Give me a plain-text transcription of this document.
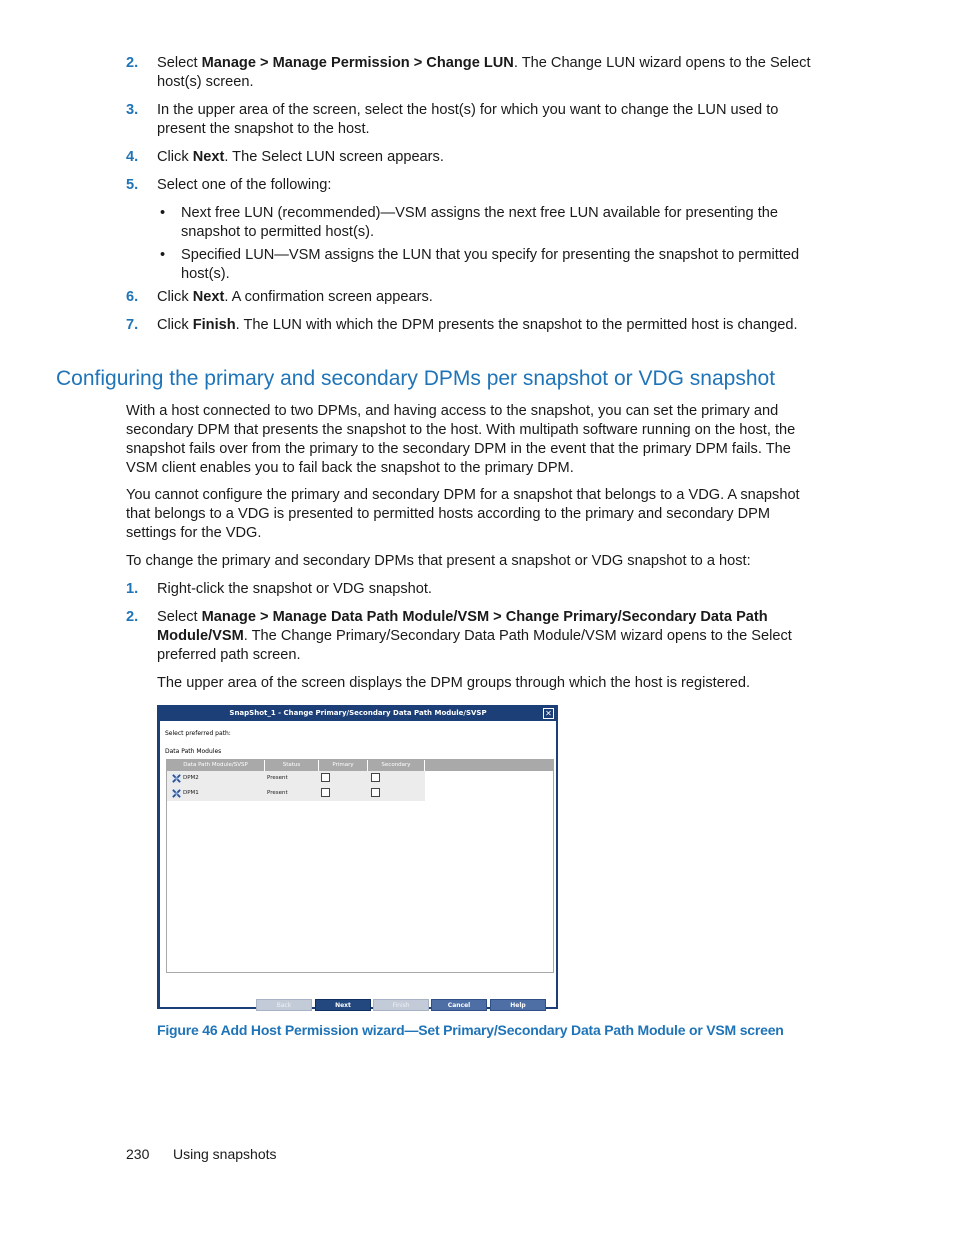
2. Select Manage > Manage Permission > Change LUN. The Change LUN wizard opens to the Select host(s) screen.
3. In the upper area of the screen, select the host(s) for which you want to change the LUN used to present the snapshot to the host.
4. Click Next. The Select LUN screen appears.
5. Select one of the following:
• Next free LUN (recommended)—VSM assigns the next free LUN available for presenting the snapshot to permitted host(s).
• Specified LUN—VSM assigns the LUN that you specify for presenting the snapshot to permitted host(s).
6. Click Next. A confirmation screen appears.
7. Click Finish. The LUN with which the DPM presents the snapshot to the permitted host is changed.
Configuring the primary and secondary DPMs per snapshot or VDG snapshot
With a host connected to two DPMs, and having access to the snapshot, you can set the primary and secondary DPM that presents the snapshot to the host. With multipath software running on the host, the snapshot fails over from the primary to the secondary DPM in the event that the primary DPM fails. The VSM client enables you to fail back the snapshot to the primary DPM.
You cannot configure the primary and secondary DPM for a snapshot that belongs to a VDG. A snapshot that belongs to a VDG is presented to permitted hosts according to the primary and secondary DPM settings for the VDG.
To change the primary and secondary DPMs that present a snapshot or VDG snapshot to a host:
1. Right-click the snapshot or VDG snapshot.
2. Select Manage > Manage Data Path Module/VSM > Change Primary/Secondary Data Path Module/VSM. The Change Primary/Secondary Data Path Module/VSM wizard opens to the Select preferred path screen.
The upper area of the screen displays the DPM groups through which the host is registered.
SnapShot_1 - Change Primary/Secondary Data Path Module/SVSP	✕
Select preferred path:
Data Path Modules
Data Path Module/SVSP	Status	Primary	Secondary
DPM2	Present
DPM1	Present
Back	Next	Finish	Cancel	Help
Figure 46 Add Host Permission wizard—Set Primary/Secondary Data Path Module or VSM screen
230 Using snapshots
